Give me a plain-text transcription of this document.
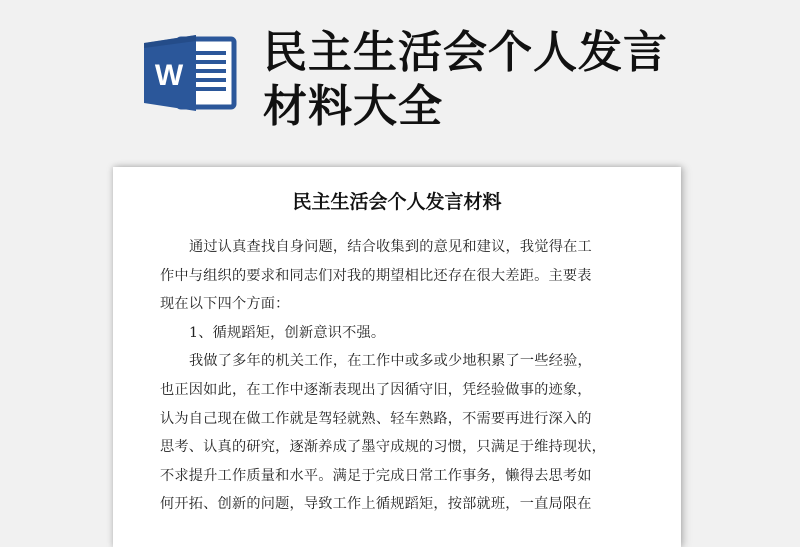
W 民主生活会个人发言
材料大全
民主生活会个人发言材料
通过认真查找自身问题，结合收集到的意见和建议，我觉得在工
作中与组织的要求和同志们对我的期望相比还存在很大差距。主要表
现在以下四个方面：
1、循规蹈矩，创新意识不强。
我做了多年的机关工作，在工作中或多或少地积累了一些经验，
也正因如此，在工作中逐渐表现出了因循守旧，凭经验做事的迹象，
认为自己现在做工作就是驾轻就熟、轻车熟路，不需要再进行深入的
思考、认真的研究，逐渐养成了墨守成规的习惯，只满足于维持现状，
不求提升工作质量和水平。满足于完成日常工作事务，懒得去思考如
何开拓、创新的问题，导致工作上循规蹈矩，按部就班，一直局限在
